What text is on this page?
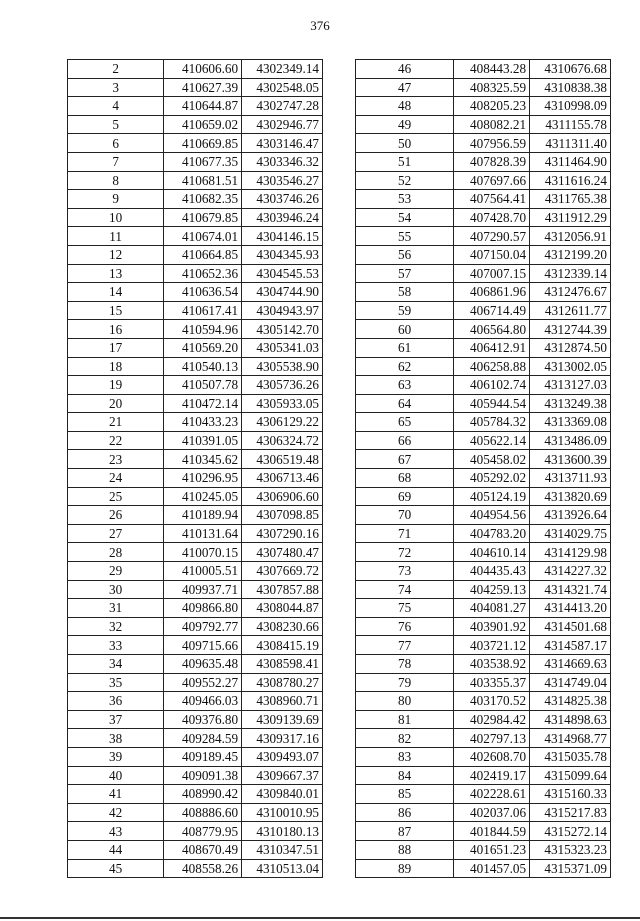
376
2	410606.60	4302349.14
3	410627.39	4302548.05
4	410644.87	4302747.28
5	410659.02	4302946.77
6	410669.85	4303146.47
7	410677.35	4303346.32
8	410681.51	4303546.27
9	410682.35	4303746.26
10	410679.85	4303946.24
11	410674.01	4304146.15
12	410664.85	4304345.93
13	410652.36	4304545.53
14	410636.54	4304744.90
15	410617.41	4304943.97
16	410594.96	4305142.70
17	410569.20	4305341.03
18	410540.13	4305538.90
19	410507.78	4305736.26
20	410472.14	4305933.05
21	410433.23	4306129.22
22	410391.05	4306324.72
23	410345.62	4306519.48
24	410296.95	4306713.46
25	410245.05	4306906.60
26	410189.94	4307098.85
27	410131.64	4307290.16
28	410070.15	4307480.47
29	410005.51	4307669.72
30	409937.71	4307857.88
31	409866.80	4308044.87
32	409792.77	4308230.66
33	409715.66	4308415.19
34	409635.48	4308598.41
35	409552.27	4308780.27
36	409466.03	4308960.71
37	409376.80	4309139.69
38	409284.59	4309317.16
39	409189.45	4309493.07
40	409091.38	4309667.37
41	408990.42	4309840.01
42	408886.60	4310010.95
43	408779.95	4310180.13
44	408670.49	4310347.51
45	408558.26	4310513.04
46	408443.28	4310676.68
47	408325.59	4310838.38
48	408205.23	4310998.09
49	408082.21	4311155.78
50	407956.59	4311311.40
51	407828.39	4311464.90
52	407697.66	4311616.24
53	407564.41	4311765.38
54	407428.70	4311912.29
55	407290.57	4312056.91
56	407150.04	4312199.20
57	407007.15	4312339.14
58	406861.96	4312476.67
59	406714.49	4312611.77
60	406564.80	4312744.39
61	406412.91	4312874.50
62	406258.88	4313002.05
63	406102.74	4313127.03
64	405944.54	4313249.38
65	405784.32	4313369.08
66	405622.14	4313486.09
67	405458.02	4313600.39
68	405292.02	4313711.93
69	405124.19	4313820.69
70	404954.56	4313926.64
71	404783.20	4314029.75
72	404610.14	4314129.98
73	404435.43	4314227.32
74	404259.13	4314321.74
75	404081.27	4314413.20
76	403901.92	4314501.68
77	403721.12	4314587.17
78	403538.92	4314669.63
79	403355.37	4314749.04
80	403170.52	4314825.38
81	402984.42	4314898.63
82	402797.13	4314968.77
83	402608.70	4315035.78
84	402419.17	4315099.64
85	402228.61	4315160.33
86	402037.06	4315217.83
87	401844.59	4315272.14
88	401651.23	4315323.23
89	401457.05	4315371.09
